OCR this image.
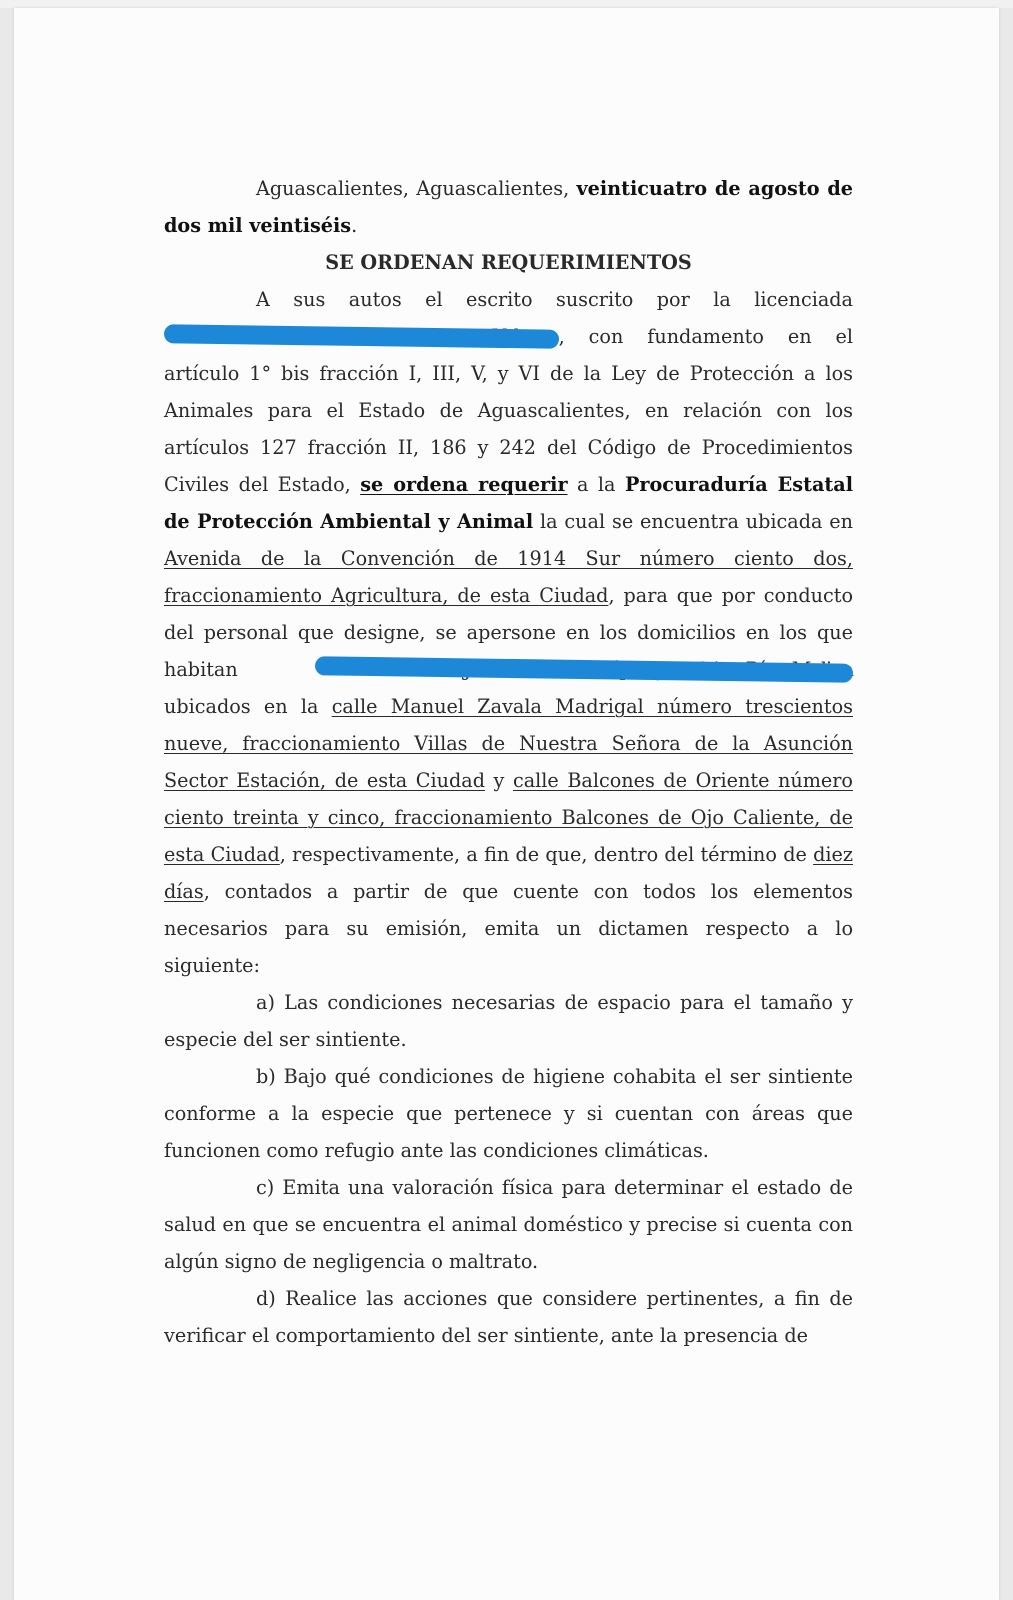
Aguascalientes, Aguascalientes, veinticuatro de agosto de dos mil veintiséis.

SE ORDENAN REQUERIMIENTOS

A sus autos el escrito suscrito por la licenciada
, con fundamento en el artículo 1° bis fracción I, III, V, y VI de la Ley de Protección a los Animales para el Estado de Aguascalientes, en relación con los artículos 127 fracción II, 186 y 242 del Código de Procedimientos Civiles del Estado, se ordena requerir a la Procuraduría Estatal de Protección Ambiental y Animal la cual se encuentra ubicada en Avenida de la Convención de 1914 Sur número ciento dos, fraccionamiento Agricultura, de esta Ciudad, para que por conducto del personal que designe, se apersone en los domicilios en los que habitan
ubicados en la calle Manuel Zavala Madrigal número trescientos nueve, fraccionamiento Villas de Nuestra Señora de la Asunción Sector Estación, de esta Ciudad y calle Balcones de Oriente número ciento treinta y cinco, fraccionamiento Balcones de Ojo Caliente, de esta Ciudad, respectivamente, a fin de que, dentro del término de diez días, contados a partir de que cuente con todos los elementos necesarios para su emisión, emita un dictamen respecto a lo siguiente:

a) Las condiciones necesarias de espacio para el tamaño y especie del ser sintiente.

b) Bajo qué condiciones de higiene cohabita el ser sintiente conforme a la especie que pertenece y si cuentan con áreas que funcionen como refugio ante las condiciones climáticas.

c) Emita una valoración física para determinar el estado de salud en que se encuentra el animal doméstico y precise si cuenta con algún signo de negligencia o maltrato.

d) Realice las acciones que considere pertinentes, a fin de verificar el comportamiento del ser sintiente, ante la presencia de
